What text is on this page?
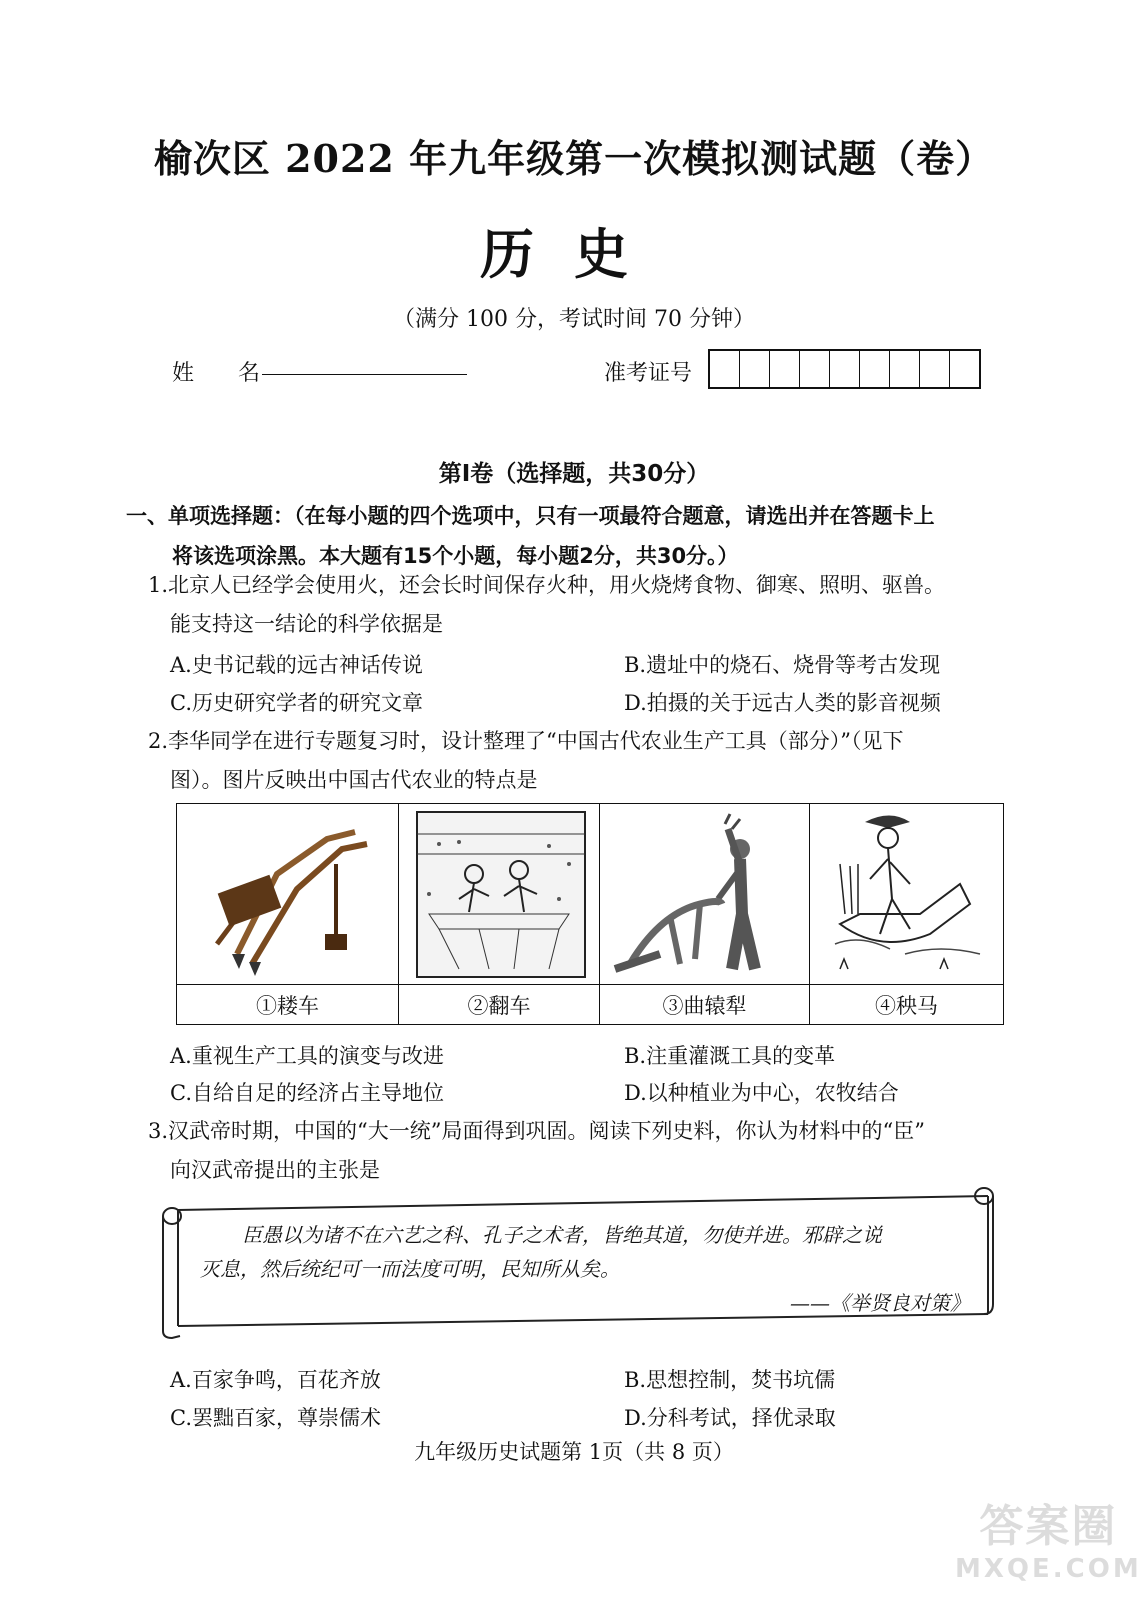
榆次区 2022 年九年级第一次模拟测试题（卷）
历史
（满分 100 分，考试时间 70 分钟）
姓　　名	准考证号
第Ⅰ卷（选择题，共30分）
一、单项选择题：（在每小题的四个选项中，只有一项最符合题意，请选出并在答题卡上
将该选项涂黑。本大题有15个小题，每小题2分，共30分。）
1.北京人已经学会使用火，还会长时间保存火种，用火烧烤食物、御寒、照明、驱兽。
能支持这一结论的科学依据是
A.史书记载的远古神话传说	B.遗址中的烧石、烧骨等考古发现
C.历史研究学者的研究文章	D.拍摄的关于远古人类的影音视频
2.李华同学在进行专题复习时，设计整理了“中国古代农业生产工具（部分）”（见下
图）。图片反映出中国古代农业的特点是
①耧车	②翻车	③曲辕犁	④秧马
A.重视生产工具的演变与改进	B.注重灌溉工具的变革
C.自给自足的经济占主导地位	D.以种植业为中心，农牧结合
3.汉武帝时期，中国的“大一统”局面得到巩固。阅读下列史料，你认为材料中的“臣”
向汉武帝提出的主张是
臣愚以为诸不在六艺之科、孔子之术者，皆绝其道，勿使并进。邪辟之说
灭息，然后统纪可一而法度可明，民知所从矣。
——《举贤良对策》
A.百家争鸣，百花齐放	B.思想控制，焚书坑儒
C.罢黜百家，尊崇儒术	D.分科考试，择优录取
九年级历史试题第 1页（共 8 页）
答案圈
MXQE.COM
